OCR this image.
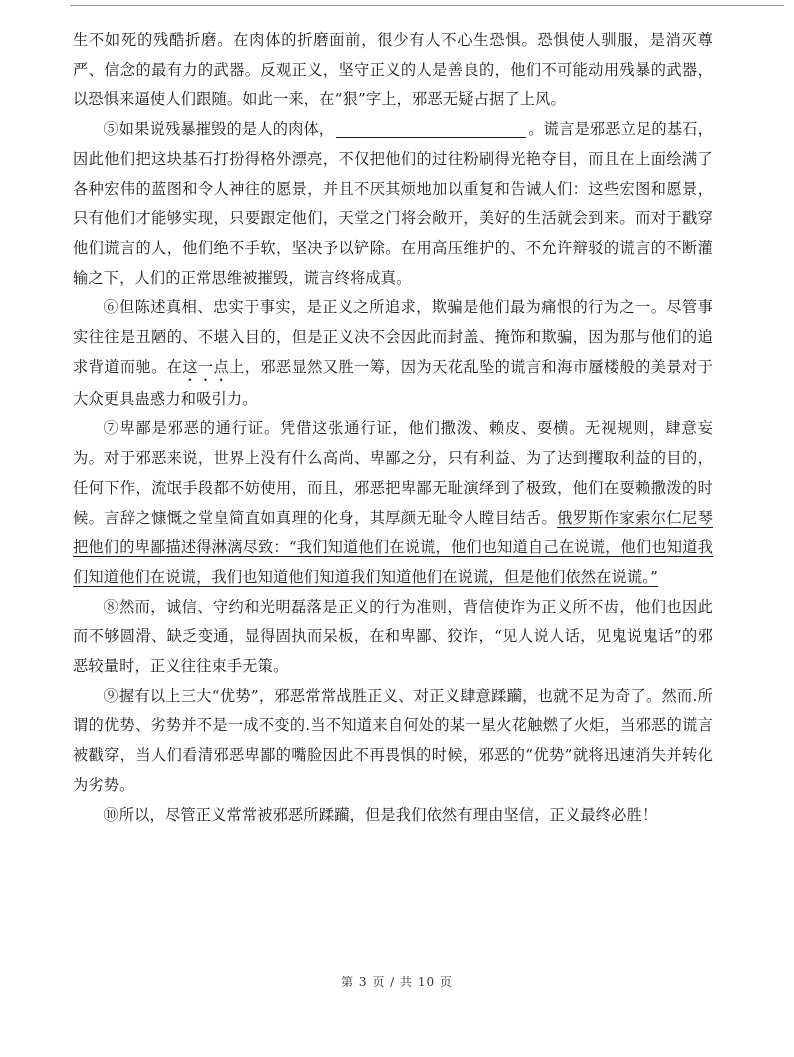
生不如死的残酷折磨。在肉体的折磨面前，很少有人不心生恐惧。恐惧使人驯服，是消灭尊严、信念的最有力的武器。反观正义，坚守正义的人是善良的，他们不可能动用残暴的武器，以恐惧来逼使人们跟随。如此一来，在“狠”字上，邪恶无疑占据了上风。

⑤如果说残暴摧毁的是人的肉体，	。谎言是邪恶立足的基石，因此他们把这块基石打扮得格外漂亮，不仅把他们的过往粉刷得光艳夺目，而且在上面绘满了各种宏伟的蓝图和令人神往的愿景，并且不厌其烦地加以重复和告诫人们：这些宏图和愿景，只有他们才能够实现，只要跟定他们，天堂之门将会敞开，美好的生活就会到来。而对于戳穿他们谎言的人，他们绝不手软，坚决予以铲除。在用高压维护的、不允许辩驳的谎言的不断灌输之下，人们的正常思维被摧毁，谎言终将成真。

⑥但陈述真相、忠实于事实，是正义之所追求，欺骗是他们最为痛恨的行为之一。尽管事实往往是丑陋的、不堪入目的，但是正义决不会因此而封盖、掩饰和欺骗，因为那与他们的追求背道而驰。在这一点上，邪恶显然又胜一筹，因为天花乱坠的谎言和海市蜃楼般的美景对于大众更具蛊惑力和吸引力。

⑦卑鄙是邪恶的通行证。凭借这张通行证，他们撒泼、赖皮、耍横。无视规则，肆意妄为。对于邪恶来说，世界上没有什么高尚、卑鄙之分，只有利益、为了达到攫取利益的目的，任何下作，流氓手段都不妨使用，而且，邪恶把卑鄙无耻演绎到了极致，他们在耍赖撒泼的时候。言辞之慷慨之堂皇简直如真理的化身，其厚颜无耻令人瞠目结舌。俄罗斯作家索尔仁尼琴把他们的卑鄙描述得淋漓尽致：“我们知道他们在说谎，他们也知道自己在说谎，他们也知道我们知道他们在说谎，我们也知道他们知道我们知道他们在说谎，但是他们依然在说谎。”

⑧然而，诚信、守约和光明磊落是正义的行为准则，背信使诈为正义所不齿，他们也因此而不够圆滑、缺乏变通，显得固执而呆板，在和卑鄙、狡诈，“见人说人话，见鬼说鬼话”的邪恶较量时，正义往往束手无策。

⑨握有以上三大“优势”，邪恶常常战胜正义、对正义肆意蹂躏，也就不足为奇了。然而.所谓的优势、劣势并不是一成不变的.当不知道来自何处的某一星火花触燃了火炬，当邪恶的谎言被戳穿，当人们看清邪恶卑鄙的嘴脸因此不再畏惧的时候，邪恶的“优势”就将迅速消失并转化为劣势。

⑩所以，尽管正义常常被邪恶所蹂躏，但是我们依然有理由坚信，正义最终必胜！

第 3 页 / 共 10 页
